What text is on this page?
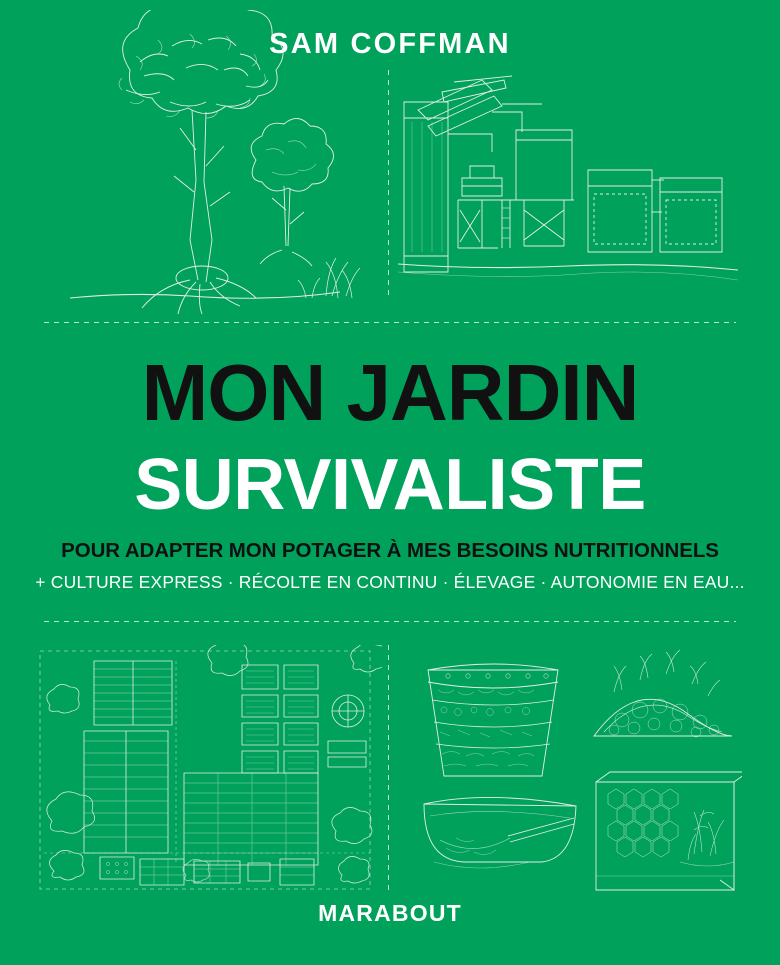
SAM COFFMAN
MON JARDIN
SURVIVALISTE
POUR ADAPTER MON POTAGER À MES BESOINS NUTRITIONNELS
+ CULTURE EXPRESS · RÉCOLTE EN CONTINU · ÉLEVAGE · AUTONOMIE EN EAU...
MARABOUT
